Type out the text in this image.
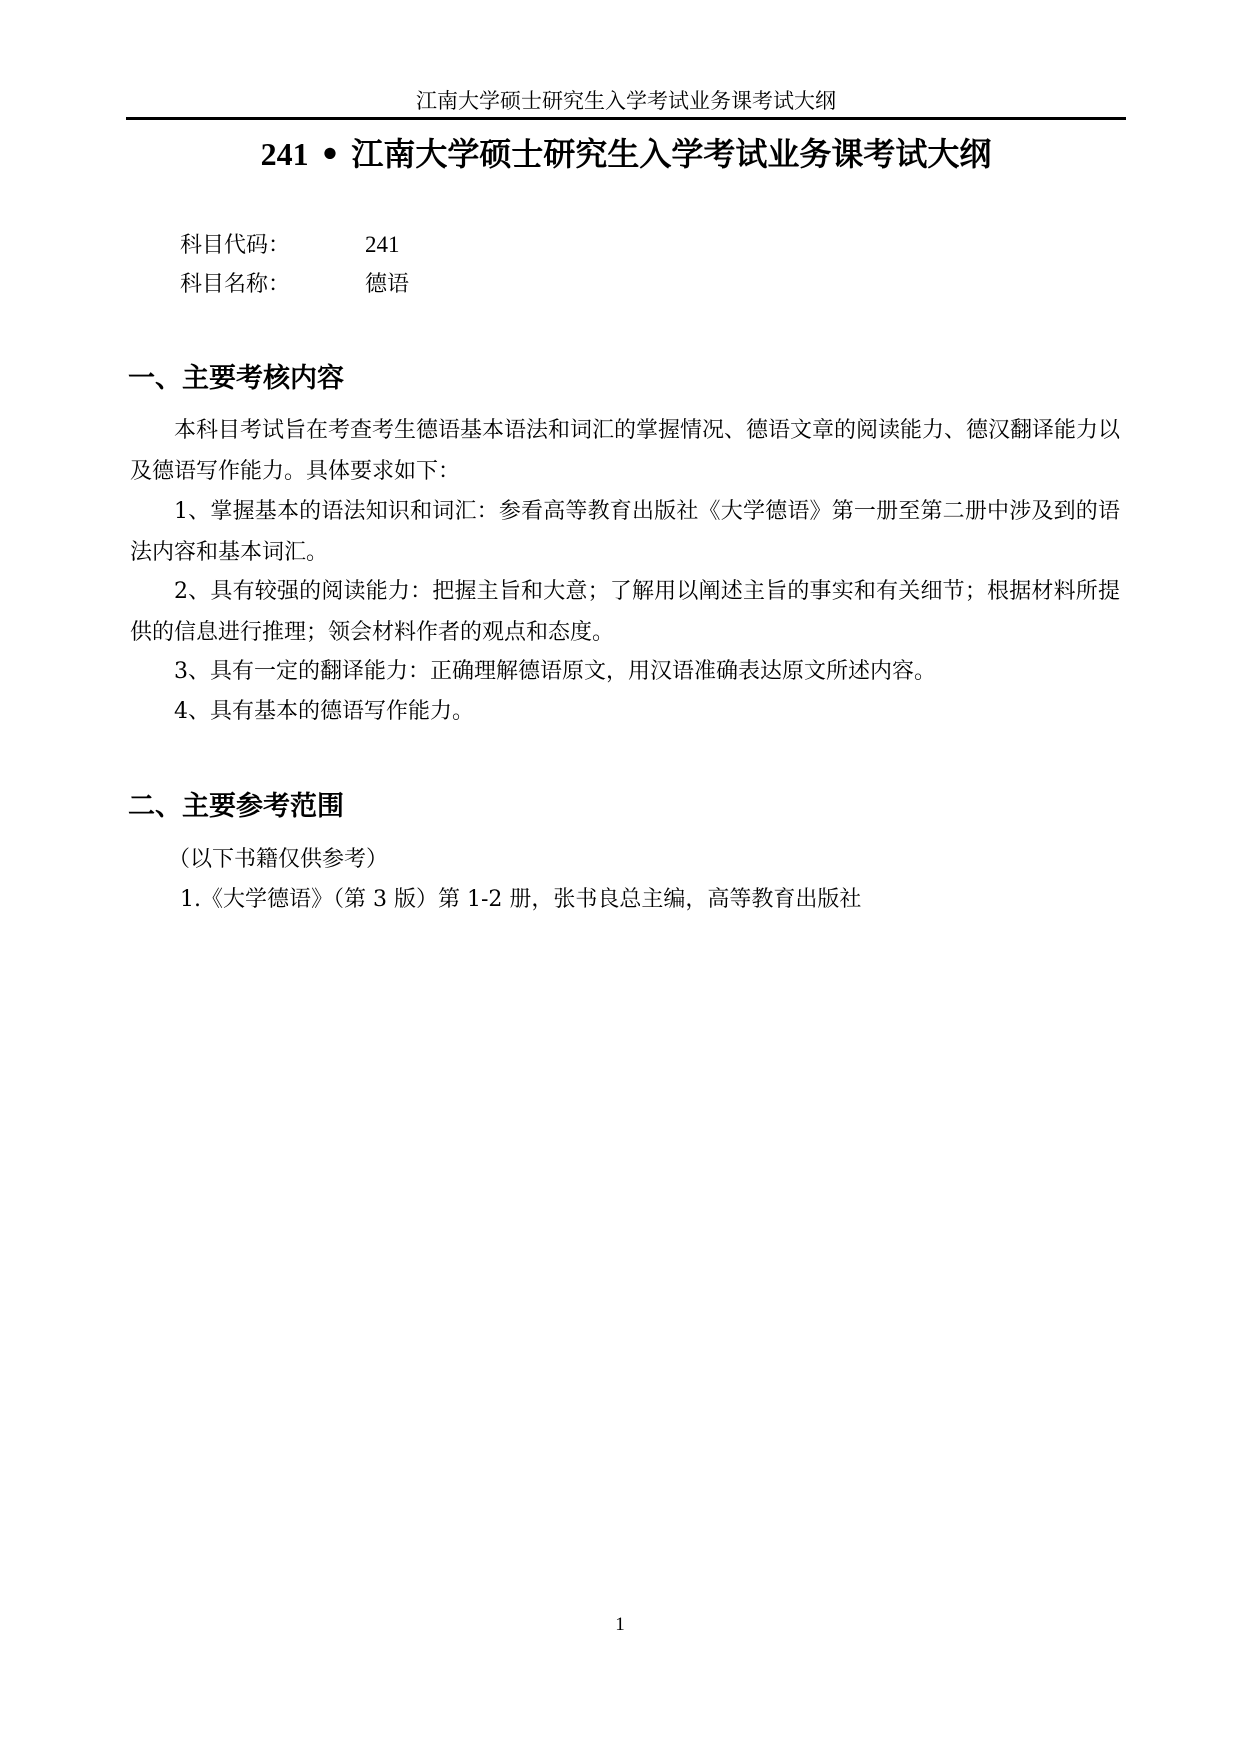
江南大学硕士研究生入学考试业务课考试大纲
241 • 江南大学硕士研究生入学考试业务课考试大纲
科目代码：	241
科目名称：	德语
一、主要考核内容

本科目考试旨在考查考生德语基本语法和词汇的掌握情况、德语文章的阅读能力、德汉翻译能力以及德语写作能力。具体要求如下：

1、掌握基本的语法知识和词汇：参看高等教育出版社《大学德语》第一册至第二册中涉及到的语法内容和基本词汇。

2、具有较强的阅读能力：把握主旨和大意；了解用以阐述主旨的事实和有关细节；根据材料所提供的信息进行推理；领会材料作者的观点和态度。

3、具有一定的翻译能力：正确理解德语原文，用汉语准确表达原文所述内容。

4、具有基本的德语写作能力。

二、主要参考范围
（以下书籍仅供参考）
1.《大学德语》（第 3 版）第 1-2 册，张书良总主编，高等教育出版社
1
